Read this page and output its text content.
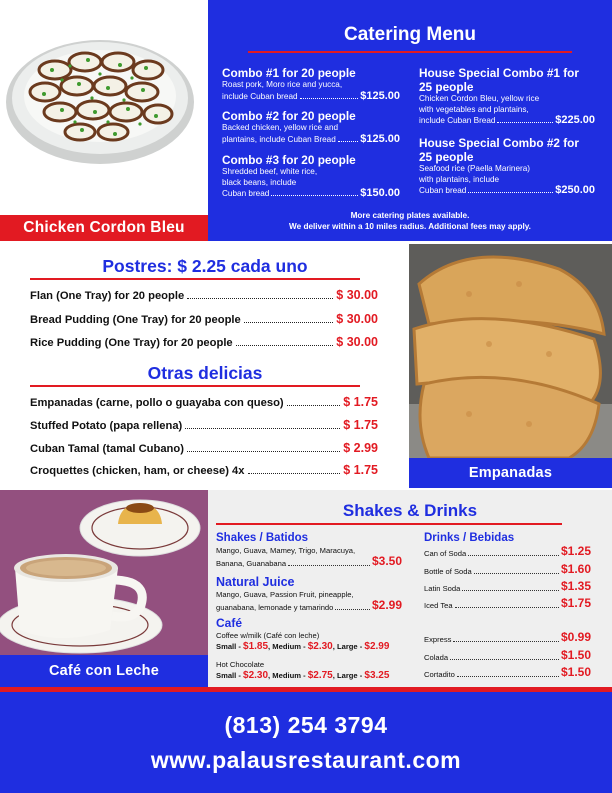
Chicken Cordon Bleu
Catering Menu
Combo #1 for 20 people
Roast pork, Moro rice and yucca,
include Cuban bread	$125.00
Combo #2 for 20 people
Backed chicken, yellow rice and
plantains, include Cuban Bread $125.00
Combo #3 for 20 people
Shredded beef, white rice,
black beans, include
Cuban bread	$150.00
House Special Combo #1 for 25 people
Chicken Cordon Bleu, yellow rice
with vegetables and plantains,
include Cuban Bread	$225.00
House Special Combo #2 for 25 people
Seafood rice (Paella Marinera)
with plantains, include
Cuban bread	$250.00
More catering plates available.
We deliver within a 10 miles radius. Additional fees may apply.
Postres: $ 2.25 cada uno
Flan (One Tray) for 20 people	$ 30.00
Bread Pudding (One Tray) for 20 people	$ 30.00
Rice Pudding (One Tray) for 20 people	$ 30.00
Otras delicias
Empanadas (carne, pollo o guayaba con queso)	$ 1.75
Stuffed Potato (papa rellena)	$ 1.75
Cuban Tamal (tamal Cubano)	$ 2.99
Croquettes (chicken, ham, or cheese) 4x	$ 1.75	Empanadas
Café con Leche
Shakes & Drinks
Shakes / Batidos
Mango, Guava, Mamey, Trigo, Maracuya,
Banana, Guanabana	$3.50
Natural Juice
Mango, Guava, Passion Fruit, pineapple,
guanabana, lemonade y tamarindo	$2.99
Café
Coffee w/milk (Café con leche)
Small - $1.85, Medium - $2.30, Large - $2.99
Hot Chocolate
Small - $2.30, Medium - $2.75, Large - $3.25
Drinks / Bebidas
Can of Soda	$1.25
Bottle of Soda	$1.60
Latin Soda	$1.35
Iced Tea	$1.75
Express	$0.99
Colada	$1.50
Cortadito	$1.50
(813) 254 3794
www.palausrestaurant.com
